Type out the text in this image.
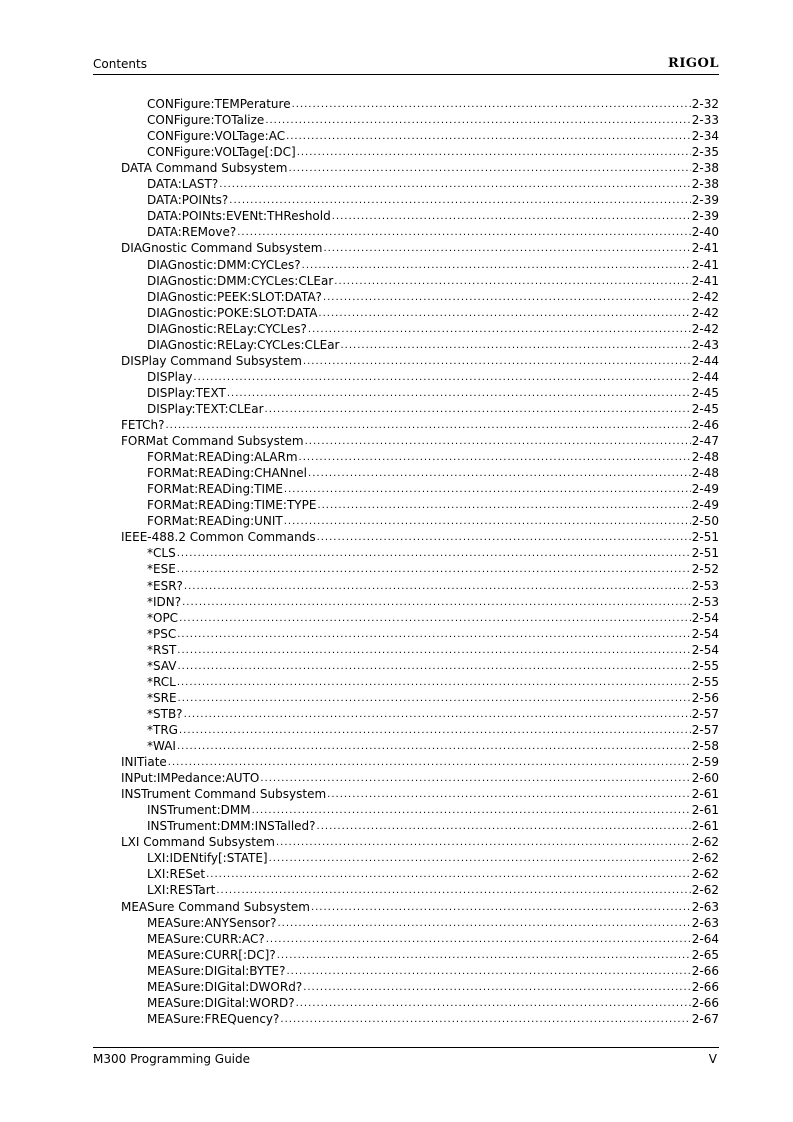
Contents	RIGOL
CONFigure:TEMPerature .....	2-32
CONFigure:TOTalize .....	2-33
CONFigure:VOLTage:AC .....	2-34
CONFigure:VOLTage[:DC] .....	2-35
DATA Command Subsystem .....	2-38
DATA:LAST? .....	2-38
DATA:POINts? .....	2-39
DATA:POINts:EVENt:THReshold .....	2-39
DATA:REMove? .....	2-40
DIAGnostic Command Subsystem .....	2-41
DIAGnostic:DMM:CYCLes? .....	2-41
DIAGnostic:DMM:CYCLes:CLEar .....	2-41
DIAGnostic:PEEK:SLOT:DATA? .....	2-42
DIAGnostic:POKE:SLOT:DATA .....	2-42
DIAGnostic:RELay:CYCLes? .....	2-42
DIAGnostic:RELay:CYCLes:CLEar .....	2-43
DISPlay Command Subsystem .....	2-44
DISPlay .....	2-44
DISPlay:TEXT .....	2-45
DISPlay:TEXT:CLEar .....	2-45
FETCh? .....	2-46
FORMat Command Subsystem .....	2-47
FORMat:READing:ALARm .....	2-48
FORMat:READing:CHANnel .....	2-48
FORMat:READing:TIME .....	2-49
FORMat:READing:TIME:TYPE .....	2-49
FORMat:READing:UNIT .....	2-50
IEEE-488.2 Common Commands .....	2-51
*CLS .....	2-51
*ESE .....	2-52
*ESR? .....	2-53
*IDN? .....	2-53
*OPC .....	2-54
*PSC .....	2-54
*RST .....	2-54
*SAV .....	2-55
*RCL .....	2-55
*SRE .....	2-56
*STB? .....	2-57
*TRG .....	2-57
*WAI .....	2-58
INITiate .....	2-59
INPut:IMPedance:AUTO .....	2-60
INSTrument Command Subsystem .....	2-61
INSTrument:DMM .....	2-61
INSTrument:DMM:INSTalled? .....	2-61
LXI Command Subsystem .....	2-62
LXI:IDENtify[:STATE] .....	2-62
LXI:RESet .....	2-62
LXI:RESTart .....	2-62
MEASure Command Subsystem .....	2-63
MEASure:ANYSensor? .....	2-63
MEASure:CURR:AC? .....	2-64
MEASure:CURR[:DC]? .....	2-65
MEASure:DIGital:BYTE? .....	2-66
MEASure:DIGital:DWORd? .....	2-66
MEASure:DIGital:WORD? .....	2-66
MEASure:FREQuency? .....	2-67
M300 Programming Guide	V
